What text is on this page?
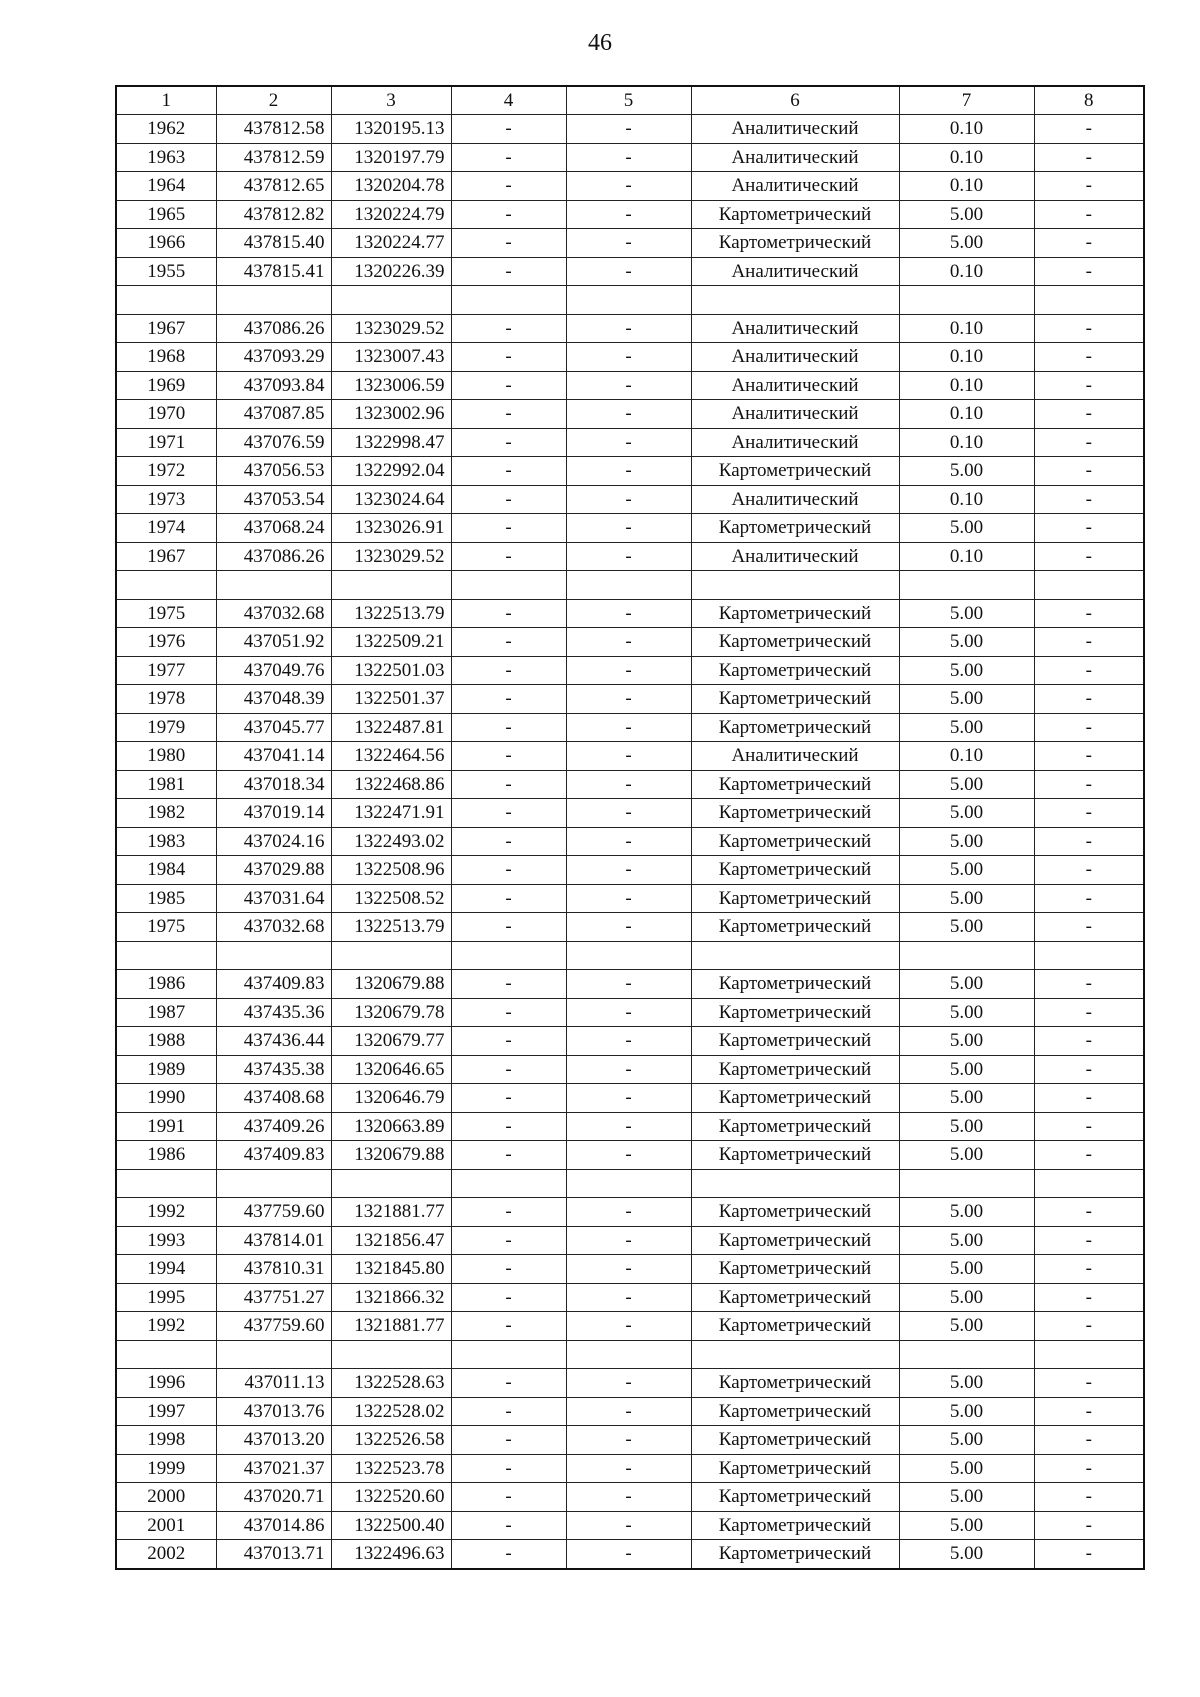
46
1	2	3	4	5	6	7	8
1962	437812.58	1320195.13	-	-	Аналитический	0.10	-
1963	437812.59	1320197.79	-	-	Аналитический	0.10	-
1964	437812.65	1320204.78	-	-	Аналитический	0.10	-
1965	437812.82	1320224.79	-	-	Картометрический	5.00	-
1966	437815.40	1320224.77	-	-	Картометрический	5.00	-
1955	437815.41	1320226.39	-	-	Аналитический	0.10	-

1967	437086.26	1323029.52	-	-	Аналитический	0.10	-
1968	437093.29	1323007.43	-	-	Аналитический	0.10	-
1969	437093.84	1323006.59	-	-	Аналитический	0.10	-
1970	437087.85	1323002.96	-	-	Аналитический	0.10	-
1971	437076.59	1322998.47	-	-	Аналитический	0.10	-
1972	437056.53	1322992.04	-	-	Картометрический	5.00	-
1973	437053.54	1323024.64	-	-	Аналитический	0.10	-
1974	437068.24	1323026.91	-	-	Картометрический	5.00	-
1967	437086.26	1323029.52	-	-	Аналитический	0.10	-

1975	437032.68	1322513.79	-	-	Картометрический	5.00	-
1976	437051.92	1322509.21	-	-	Картометрический	5.00	-
1977	437049.76	1322501.03	-	-	Картометрический	5.00	-
1978	437048.39	1322501.37	-	-	Картометрический	5.00	-
1979	437045.77	1322487.81	-	-	Картометрический	5.00	-
1980	437041.14	1322464.56	-	-	Аналитический	0.10	-
1981	437018.34	1322468.86	-	-	Картометрический	5.00	-
1982	437019.14	1322471.91	-	-	Картометрический	5.00	-
1983	437024.16	1322493.02	-	-	Картометрический	5.00	-
1984	437029.88	1322508.96	-	-	Картометрический	5.00	-
1985	437031.64	1322508.52	-	-	Картометрический	5.00	-
1975	437032.68	1322513.79	-	-	Картометрический	5.00	-

1986	437409.83	1320679.88	-	-	Картометрический	5.00	-
1987	437435.36	1320679.78	-	-	Картометрический	5.00	-
1988	437436.44	1320679.77	-	-	Картометрический	5.00	-
1989	437435.38	1320646.65	-	-	Картометрический	5.00	-
1990	437408.68	1320646.79	-	-	Картометрический	5.00	-
1991	437409.26	1320663.89	-	-	Картометрический	5.00	-
1986	437409.83	1320679.88	-	-	Картометрический	5.00	-

1992	437759.60	1321881.77	-	-	Картометрический	5.00	-
1993	437814.01	1321856.47	-	-	Картометрический	5.00	-
1994	437810.31	1321845.80	-	-	Картометрический	5.00	-
1995	437751.27	1321866.32	-	-	Картометрический	5.00	-
1992	437759.60	1321881.77	-	-	Картометрический	5.00	-

1996	437011.13	1322528.63	-	-	Картометрический	5.00	-
1997	437013.76	1322528.02	-	-	Картометрический	5.00	-
1998	437013.20	1322526.58	-	-	Картометрический	5.00	-
1999	437021.37	1322523.78	-	-	Картометрический	5.00	-
2000	437020.71	1322520.60	-	-	Картометрический	5.00	-
2001	437014.86	1322500.40	-	-	Картометрический	5.00	-
2002	437013.71	1322496.63	-	-	Картометрический	5.00	-
